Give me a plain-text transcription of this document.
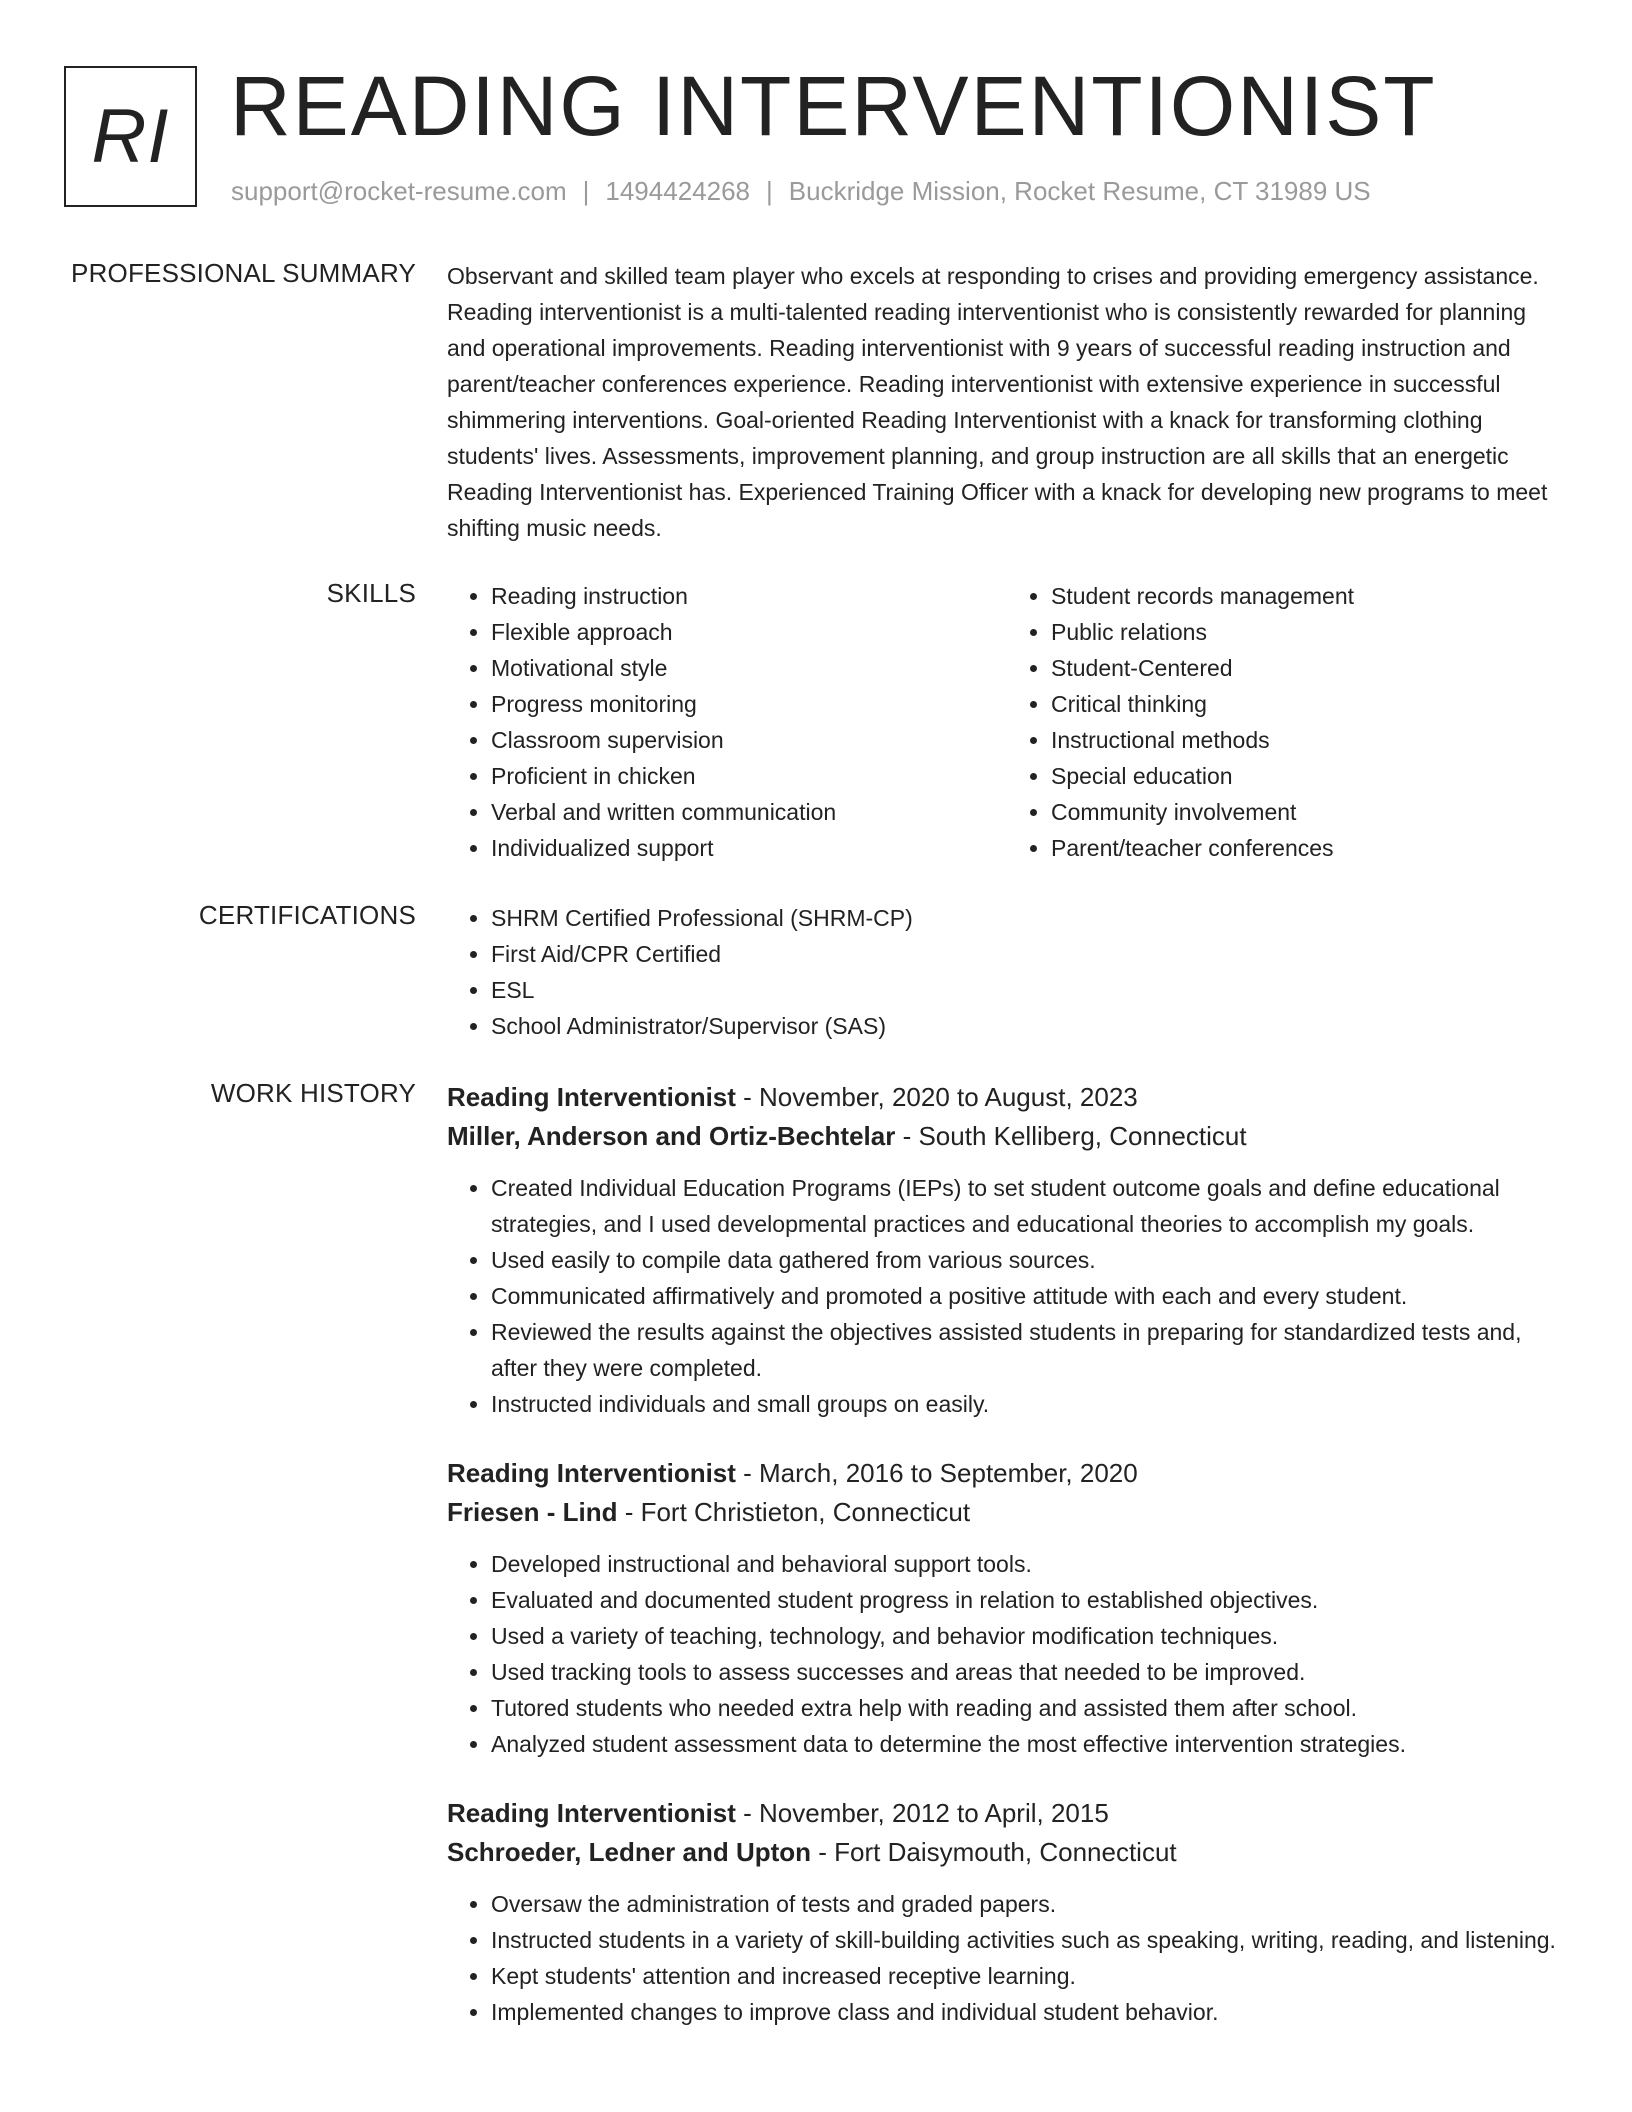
RI READING INTERVENTIONIST
support@rocket-resume.com | 1494424268 | Buckridge Mission, Rocket Resume, CT 31989 US
PROFESSIONAL SUMMARY Observant and skilled team player who excels at responding to crises and providing emergency assistance. Reading interventionist is a multi-talented reading interventionist who is consistently rewarded for planning and operational improvements. Reading interventionist with 9 years of successful reading instruction and parent/teacher conferences experience. Reading interventionist with extensive experience in successful shimmering interventions. Goal-oriented Reading Interventionist with a knack for transforming clothing students' lives. Assessments, improvement planning, and group instruction are all skills that an energetic Reading Interventionist has. Experienced Training Officer with a knack for developing new programs to meet shifting music needs.

SKILLS	• Reading instruction
• Flexible approach
• Motivational style
• Progress monitoring
• Classroom supervision
• Proficient in chicken
• Verbal and written communication
• Individualized support
• Student records management
• Public relations
• Student-Centered
• Critical thinking
• Instructional methods
• Special education
• Community involvement
• Parent/teacher conferences
CERTIFICATIONS	• SHRM Certified Professional (SHRM-CP)
• First Aid/CPR Certified
• ESL
• School Administrator/Supervisor (SAS)
WORK HISTORY Reading Interventionist - November, 2020 to August, 2023
Miller, Anderson and Ortiz-Bechtelar - South Kelliberg, Connecticut
• Created Individual Education Programs (IEPs) to set student outcome goals and define educational strategies, and I used developmental practices and educational theories to accomplish my goals.
• Used easily to compile data gathered from various sources.
• Communicated affirmatively and promoted a positive attitude with each and every student.
• Reviewed the results against the objectives assisted students in preparing for standardized tests and, after they were completed.
• Instructed individuals and small groups on easily.
Reading Interventionist - March, 2016 to September, 2020
Friesen - Lind - Fort Christieton, Connecticut
• Developed instructional and behavioral support tools.
• Evaluated and documented student progress in relation to established objectives.
• Used a variety of teaching, technology, and behavior modification techniques.
• Used tracking tools to assess successes and areas that needed to be improved.
• Tutored students who needed extra help with reading and assisted them after school.
• Analyzed student assessment data to determine the most effective intervention strategies.
Reading Interventionist - November, 2012 to April, 2015
Schroeder, Ledner and Upton - Fort Daisymouth, Connecticut
• Oversaw the administration of tests and graded papers.
• Instructed students in a variety of skill-building activities such as speaking, writing, reading, and listening.
• Kept students' attention and increased receptive learning.
• Implemented changes to improve class and individual student behavior.
